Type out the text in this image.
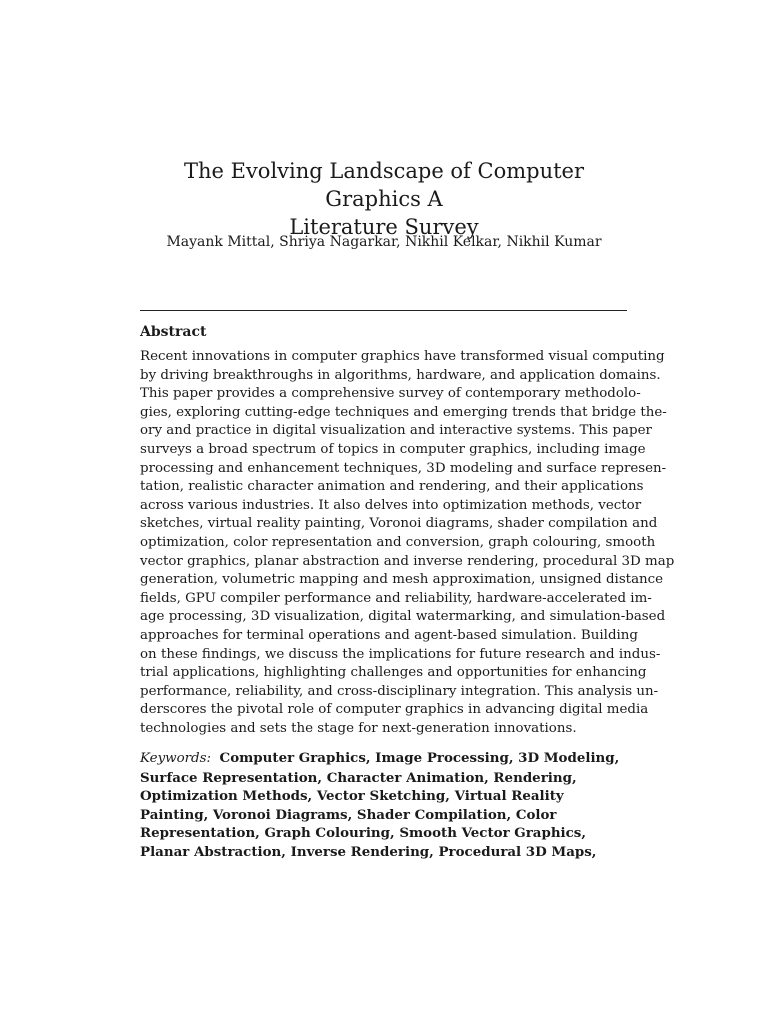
The Evolving Landscape of Computer Graphics A
Literature Survey

Mayank Mittal, Shriya Nagarkar, Nikhil Kelkar, Nikhil Kumar

Abstract

Recent innovations in computer graphics have transformed visual computing
by driving breakthroughs in algorithms, hardware, and application domains.
This paper provides a comprehensive survey of contemporary methodolo-
gies, exploring cutting-edge techniques and emerging trends that bridge the-
ory and practice in digital visualization and interactive systems. This paper
surveys a broad spectrum of topics in computer graphics, including image
processing and enhancement techniques, 3D modeling and surface represen-
tation, realistic character animation and rendering, and their applications
across various industries. It also delves into optimization methods, vector
sketches, virtual reality painting, Voronoi diagrams, shader compilation and
optimization, color representation and conversion, graph colouring, smooth
vector graphics, planar abstraction and inverse rendering, procedural 3D map
generation, volumetric mapping and mesh approximation, unsigned distance
fields, GPU compiler performance and reliability, hardware-accelerated im-
age processing, 3D visualization, digital watermarking, and simulation-based
approaches for terminal operations and agent-based simulation. Building
on these findings, we discuss the implications for future research and indus-
trial applications, highlighting challenges and opportunities for enhancing
performance, reliability, and cross-disciplinary integration. This analysis un-
derscores the pivotal role of computer graphics in advancing digital media
technologies and sets the stage for next-generation innovations.

Keywords: Computer Graphics, Image Processing, 3D Modeling,
Surface Representation, Character Animation, Rendering,
Optimization Methods, Vector Sketching, Virtual Reality
Painting, Voronoi Diagrams, Shader Compilation, Color
Representation, Graph Colouring, Smooth Vector Graphics,
Planar Abstraction, Inverse Rendering, Procedural 3D Maps,
